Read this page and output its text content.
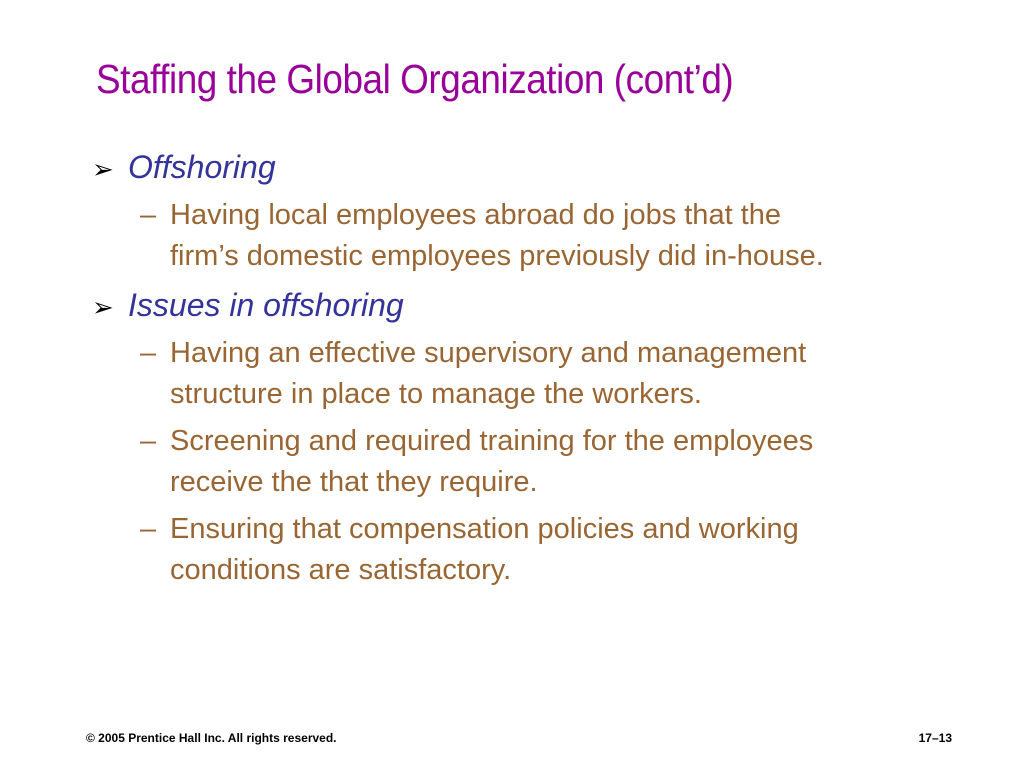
Staffing the Global Organization (cont’d)
➢ Offshoring
– Having local employees abroad do jobs that the
firm’s domestic employees previously did in-house.
➢ Issues in offshoring
– Having an effective supervisory and management
structure in place to manage the workers.
– Screening and required training for the employees
receive the that they require.
– Ensuring that compensation policies and working
conditions are satisfactory.
© 2005 Prentice Hall Inc. All rights reserved.	17–13
